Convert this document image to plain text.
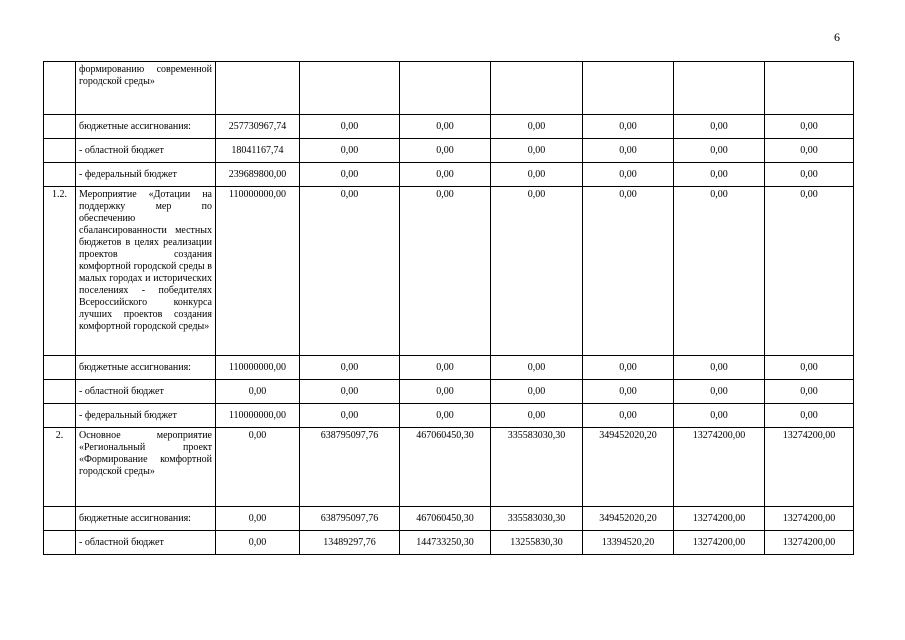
6
	формированию современной городской среды»							
	бюджетные ассигнования:	257730967,74	0,00	0,00	0,00	0,00	0,00	0,00
	- областной бюджет	18041167,74	0,00	0,00	0,00	0,00	0,00	0,00
	- федеральный бюджет	239689800,00	0,00	0,00	0,00	0,00	0,00	0,00
1.2.	Мероприятие «Дотации на поддержку мер по обеспечению сбалансированности местных бюджетов в целях реализации проектов создания комфортной городской среды в малых городах и исторических поселениях - победителях Всероссийского конкурса лучших проектов создания комфортной городской среды»	110000000,00	0,00	0,00	0,00	0,00	0,00	0,00
	бюджетные ассигнования:	110000000,00	0,00	0,00	0,00	0,00	0,00	0,00
	- областной бюджет	0,00	0,00	0,00	0,00	0,00	0,00	0,00
	- федеральный бюджет	110000000,00	0,00	0,00	0,00	0,00	0,00	0,00
2.	Основное мероприятие «Региональный проект «Формирование комфортной городской среды»	0,00	638795097,76	467060450,30	335583030,30	349452020,20	13274200,00	13274200,00
	бюджетные ассигнования:	0,00	638795097,76	467060450,30	335583030,30	349452020,20	13274200,00	13274200,00
	- областной бюджет	0,00	13489297,76	144733250,30	13255830,30	13394520,20	13274200,00	13274200,00
